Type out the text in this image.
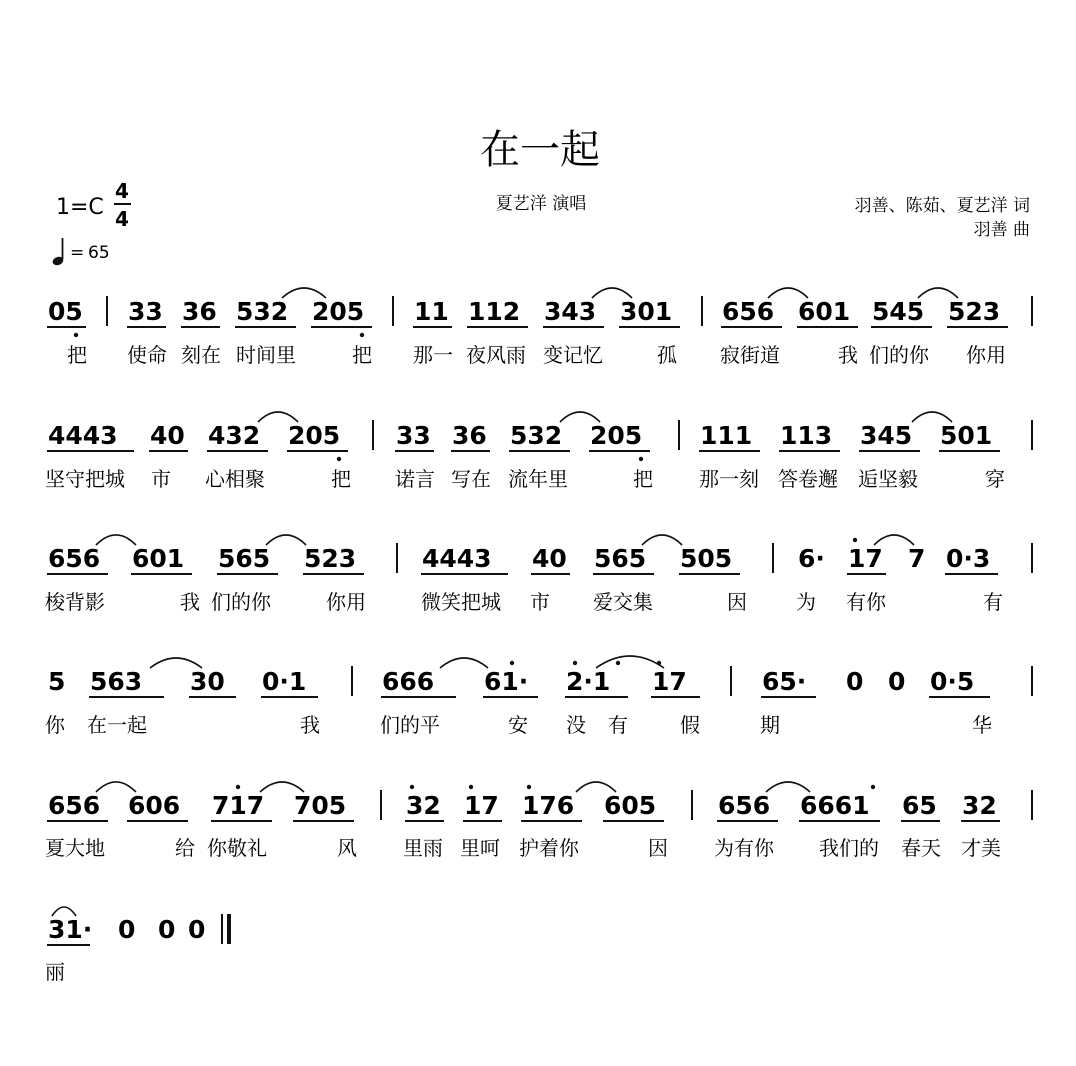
在一起
夏艺洋 演唱	羽善、陈茹、夏艺洋 词
羽善 曲
1=C
4
4
= 65
05 33 36 532 205 11 112 343 301 656 601 545 523
把 使命 刻在 时间里	把 那一 夜风雨 变记忆	孤 寂街道	我 们的你 你用
4443 40 432 205 33 36 532 205 111 113 345 501
坚守把城 市 心相聚	把 诺言 写在 流年里	把 那一刻 答卷邂 逅坚毅	穿
656 601 565 523	4443 40 565 505	6· 17 7 0·3
梭背影	我 们的你	你用	微笑把城 市 爱交集	因 为 有你	有
5 563 30 0·1	666 61· 2·1 17	65· 0 0 0·5
你 在一起	我	们的平	安 没 有	假	期	华
656 606 717 705 32 17 176 605 656 6661 65 32
夏大地	给 你敬礼	风 里雨 里呵 护着你	因 为有你 我们的 春天 才美
31· 0 0 0
丽
